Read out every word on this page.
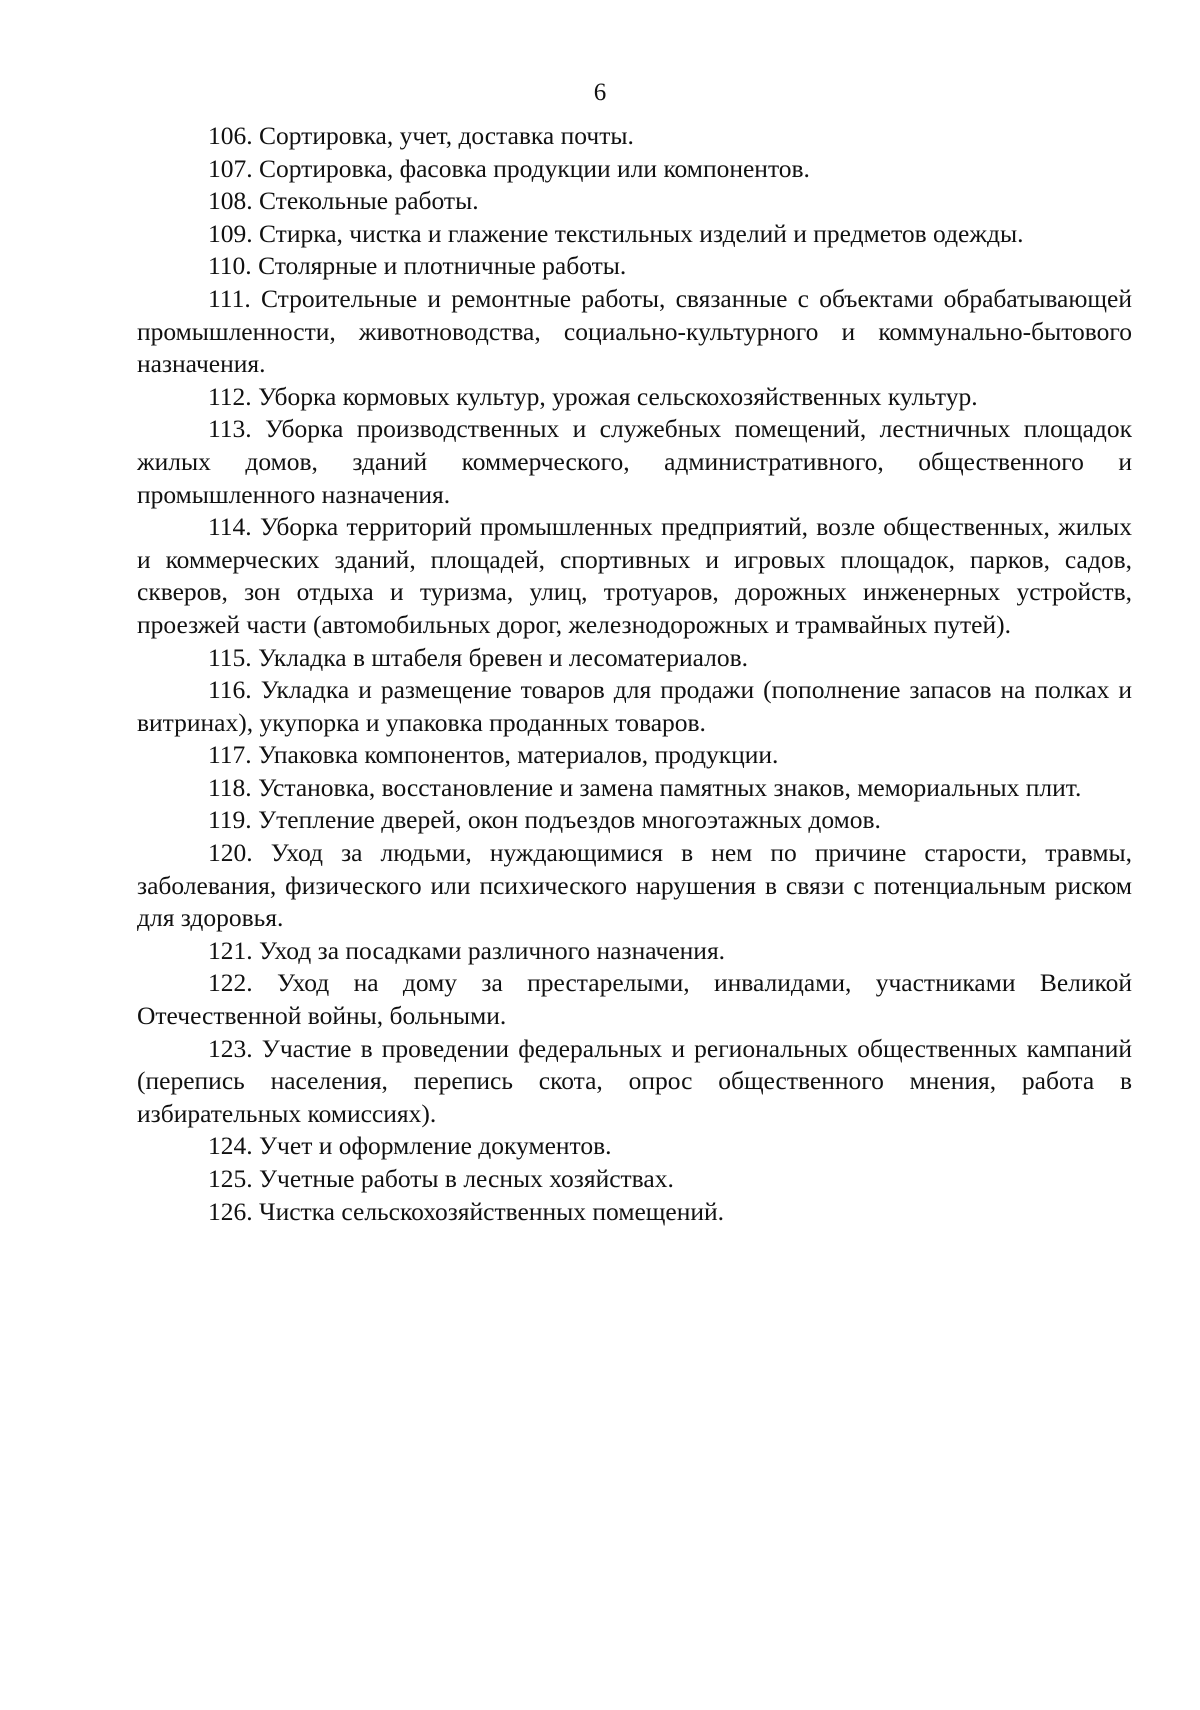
6

106. Сортировка, учет, доставка почты.

107. Сортировка, фасовка продукции или компонентов.

108. Стекольные работы.

109. Стирка, чистка и глажение текстильных изделий и предметов одежды.

110. Столярные и плотничные работы.

111. Строительные и ремонтные работы, связанные с объектами обрабатывающей промышленности, животноводства, социально-культурного и коммунально-бытового назначения.

112. Уборка кормовых культур, урожая сельскохозяйственных культур.

113. Уборка производственных и служебных помещений, лестничных площадок жилых домов, зданий коммерческого, административного, общественного и промышленного назначения.

114. Уборка территорий промышленных предприятий, возле общественных, жилых и коммерческих зданий, площадей, спортивных и игровых площадок, парков, садов, скверов, зон отдыха и туризма, улиц, тротуаров, дорожных инженерных устройств, проезжей части (автомобильных дорог, железнодорожных и трамвайных путей).

115. Укладка в штабеля бревен и лесоматериалов.

116. Укладка и размещение товаров для продажи (пополнение запасов на полках и витринах), укупорка и упаковка проданных товаров.

117. Упаковка компонентов, материалов, продукции.

118. Установка, восстановление и замена памятных знаков, мемориальных плит.

119. Утепление дверей, окон подъездов многоэтажных домов.

120. Уход за людьми, нуждающимися в нем по причине старости, травмы, заболевания, физического или психического нарушения в связи с потенциальным риском для здоровья.

121. Уход за посадками различного назначения.

122. Уход на дому за престарелыми, инвалидами, участниками Великой Отечественной войны, больными.

123. Участие в проведении федеральных и региональных общественных кампаний (перепись населения, перепись скота, опрос общественного мнения, работа в избирательных комиссиях).

124. Учет и оформление документов.

125. Учетные работы в лесных хозяйствах.

126. Чистка сельскохозяйственных помещений.
